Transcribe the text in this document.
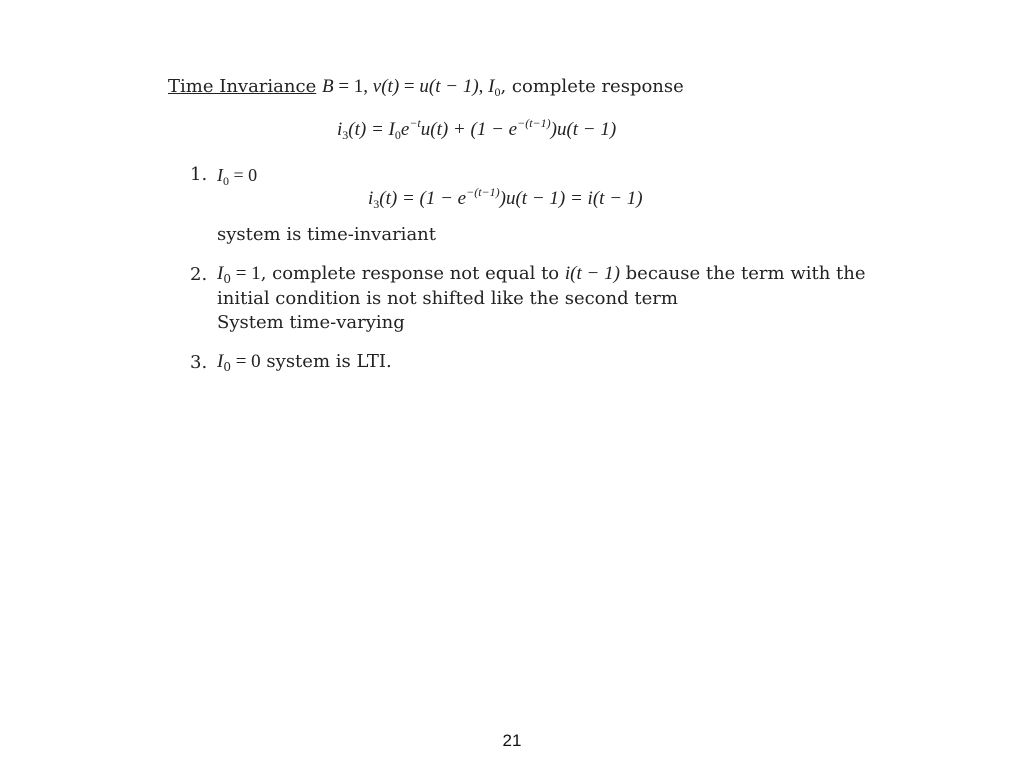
Time Invariance B = 1, v(t) = u(t − 1), $I_0$, complete response
$i_3(t) = I_0e^{-t}u(t) + (1 - e^{-(t-1)})u(t - 1)$
1. $I_0 = 0$
$i_3(t) = (1 - e^{-(t-1)})u(t - 1) = i(t - 1)$
system is time-invariant
2. $I_0 = 1$, complete response not equal to i(t − 1) because the term with the
initial condition is not shifted like the second term
System time-varying
3. $I_0 = 0$ system is LTI.
21
